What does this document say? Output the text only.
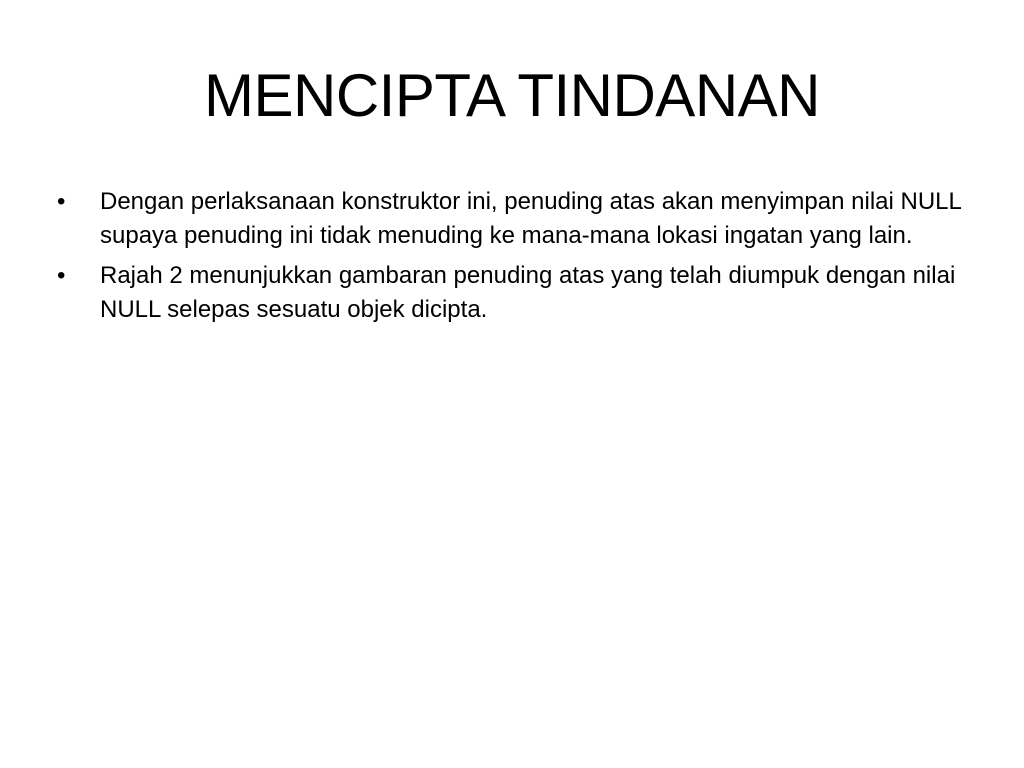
MENCIPTA TINDANAN
•	Dengan perlaksanaan konstruktor ini, penuding atas akan menyimpan nilai NULL supaya penuding ini tidak menuding ke mana-mana lokasi ingatan yang lain.
•	Rajah 2 menunjukkan gambaran penuding atas yang telah diumpuk dengan nilai NULL selepas sesuatu objek dicipta.
